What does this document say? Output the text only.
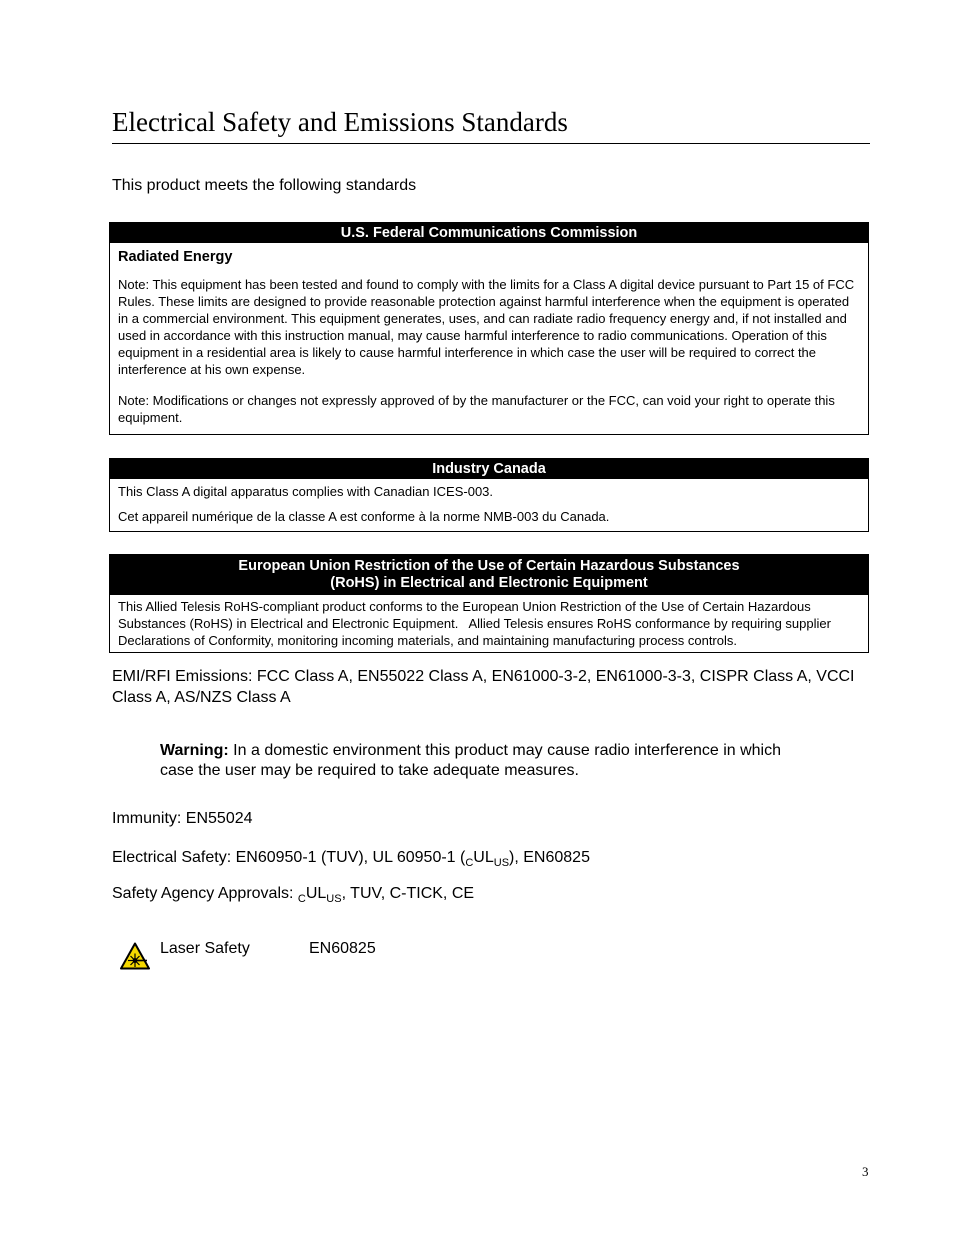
Electrical Safety and Emissions Standards

This product meets the following standards

U.S. Federal Communications Commission
Radiated Energy

Note: This equipment has been tested and found to comply with the limits for a Class A digital device pursuant to Part 15 of FCC Rules. These limits are designed to provide reasonable protection against harmful interference when the equipment is operated in a commercial environment. This equipment generates, uses, and can radiate radio frequency energy and, if not installed and used in accordance with this instruction manual, may cause harmful interference to radio communications. Operation of this equipment in a residential area is likely to cause harmful interference in which case the user will be required to correct the interference at his own expense.

Note: Modifications or changes not expressly approved of by the manufacturer or the FCC, can void your right to operate this equipment.

Industry Canada

This Class A digital apparatus complies with Canadian ICES-003.

Cet appareil numérique de la classe A est conforme à la norme NMB-003 du Canada.

European Union Restriction of the Use of Certain Hazardous Substances
(RoHS) in Electrical and Electronic Equipment

This Allied Telesis RoHS-compliant product conforms to the European Union Restriction of the Use of Certain Hazardous Substances (RoHS) in Electrical and Electronic Equipment.   Allied Telesis ensures RoHS conformance by requiring supplier Declarations of Conformity, monitoring incoming materials, and maintaining manufacturing process controls.

EMI/RFI Emissions: FCC Class A, EN55022 Class A, EN61000-3-2, EN61000-3-3, CISPR Class A, VCCI Class A, AS/NZS Class A

Warning: In a domestic environment this product may cause radio interference in which case the user may be required to take adequate measures.

Immunity: EN55024

Electrical Safety: EN60950-1 (TUV), UL 60950-1 $(_CUL_{US})$, EN60825

Safety Agency Approvals: $_CUL_{US}$, TUV, C-TICK, CE

Laser Safety	EN60825

3
